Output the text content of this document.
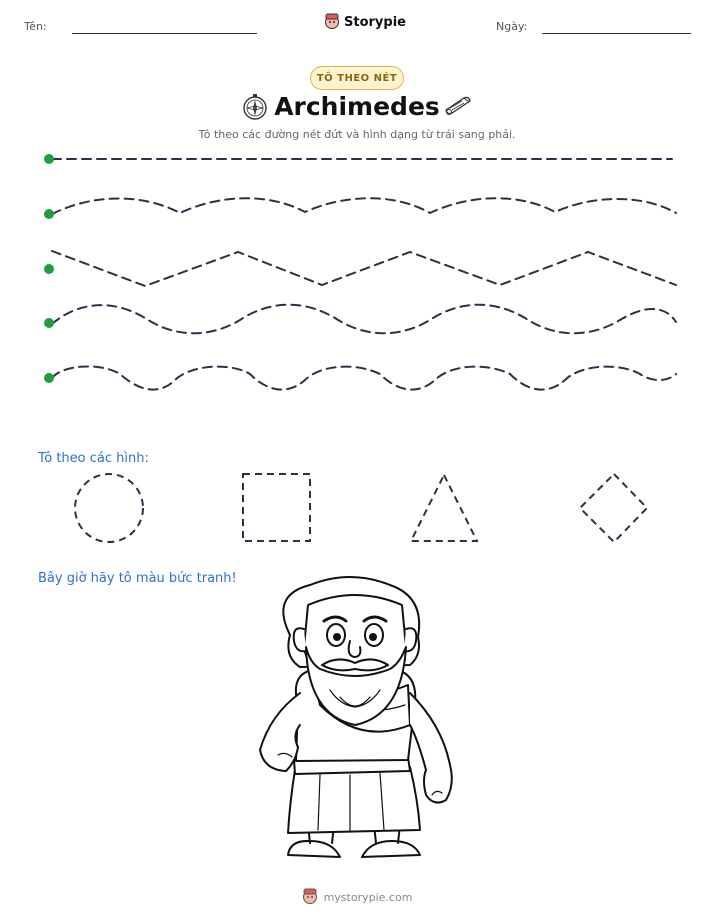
Tên:	Storypie	Ngày:
TÔ THEO NÉT
Archimedes
Tô theo các đường nét đứt và hình dạng từ trái sang phải.
Tô theo các hình:
Bây giờ hãy tô màu bức tranh!
mystorypie.com
